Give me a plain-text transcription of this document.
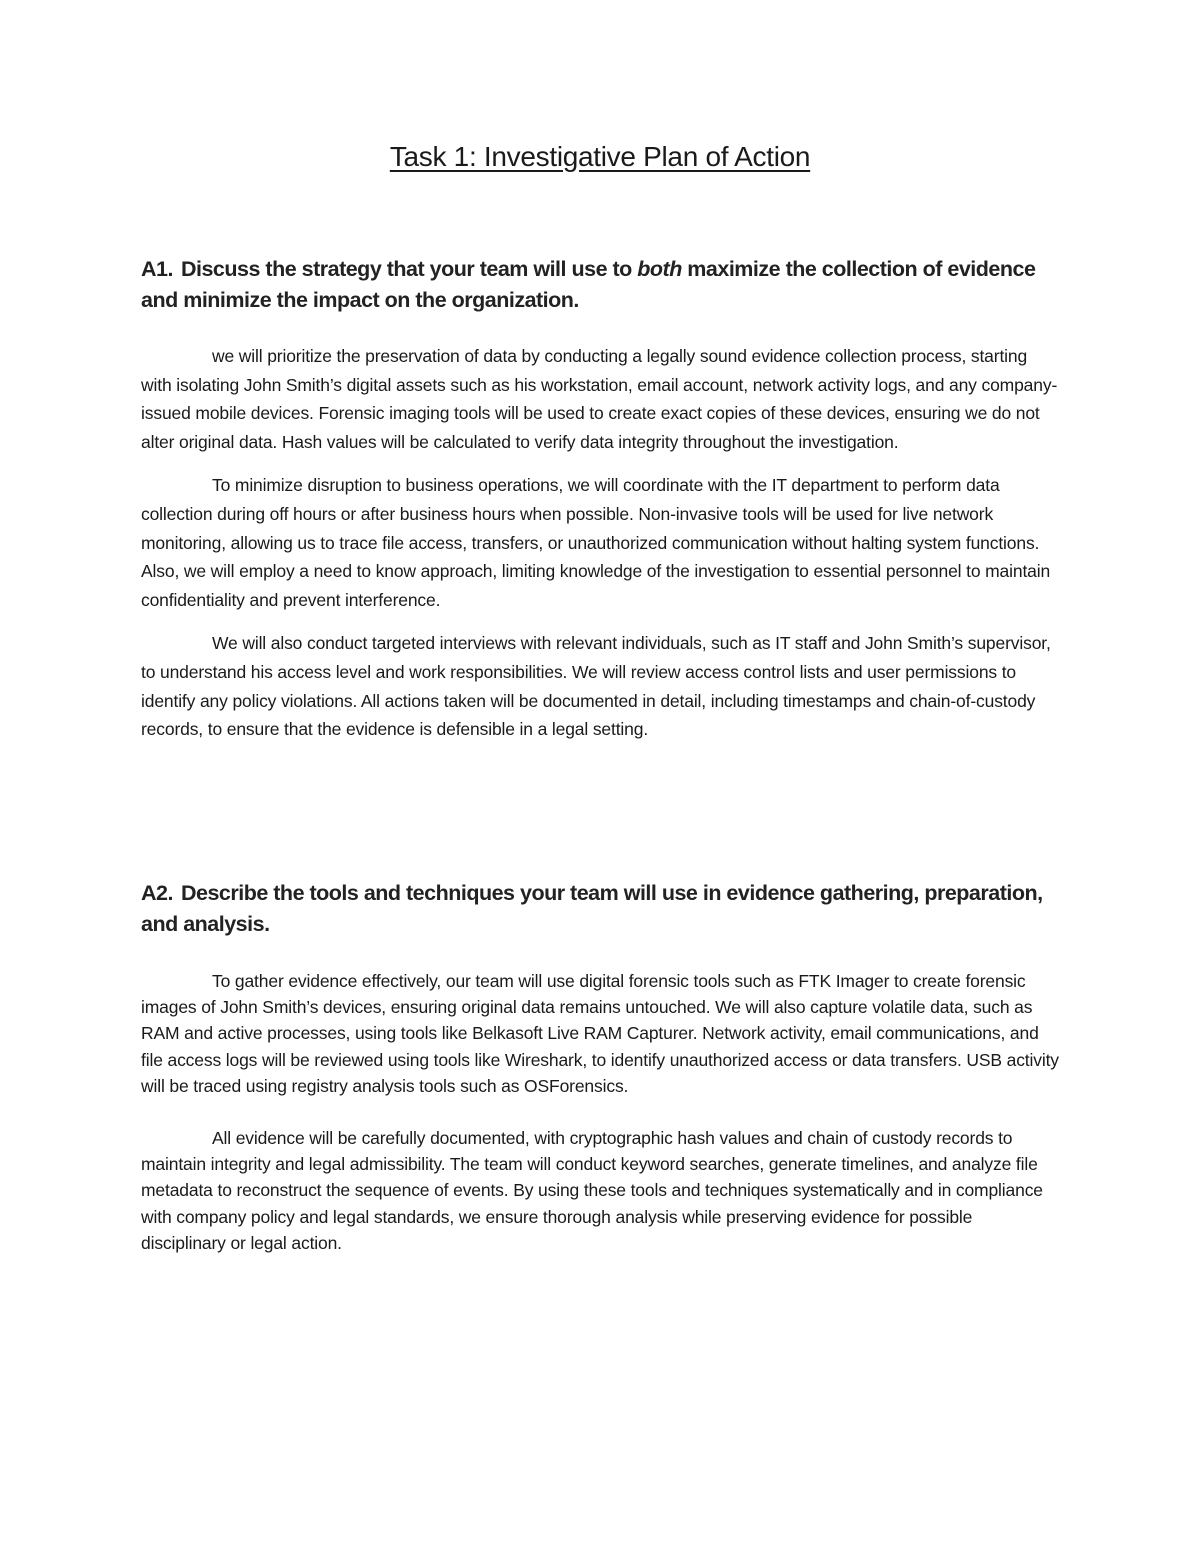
Task 1: Investigative Plan of Action
A1. Discuss the strategy that your team will use to both maximize the collection of evidence and minimize the impact on the organization.

we will prioritize the preservation of data by conducting a legally sound evidence collection process, starting with isolating John Smith’s digital assets such as his workstation, email account, network activity logs, and any company-issued mobile devices. Forensic imaging tools will be used to create exact copies of these devices, ensuring we do not alter original data. Hash values will be calculated to verify data integrity throughout the investigation.

To minimize disruption to business operations, we will coordinate with the IT department to perform data collection during off hours or after business hours when possible. Non-invasive tools will be used for live network monitoring, allowing us to trace file access, transfers, or unauthorized communication without halting system functions. Also, we will employ a need to know approach, limiting knowledge of the investigation to essential personnel to maintain confidentiality and prevent interference.

We will also conduct targeted interviews with relevant individuals, such as IT staff and John Smith’s supervisor, to understand his access level and work responsibilities. We will review access control lists and user permissions to identify any policy violations. All actions taken will be documented in detail, including timestamps and chain-of-custody records, to ensure that the evidence is defensible in a legal setting.

A2. Describe the tools and techniques your team will use in evidence gathering, preparation, and analysis.

To gather evidence effectively, our team will use digital forensic tools such as FTK Imager to create forensic images of John Smith’s devices, ensuring original data remains untouched. We will also capture volatile data, such as RAM and active processes, using tools like Belkasoft Live RAM Capturer. Network activity, email communications, and file access logs will be reviewed using tools like Wireshark, to identify unauthorized access or data transfers. USB activity will be traced using registry analysis tools such as OSForensics.

All evidence will be carefully documented, with cryptographic hash values and chain of custody records to maintain integrity and legal admissibility. The team will conduct keyword searches, generate timelines, and analyze file metadata to reconstruct the sequence of events. By using these tools and techniques systematically and in compliance with company policy and legal standards, we ensure thorough analysis while preserving evidence for possible disciplinary or legal action.
